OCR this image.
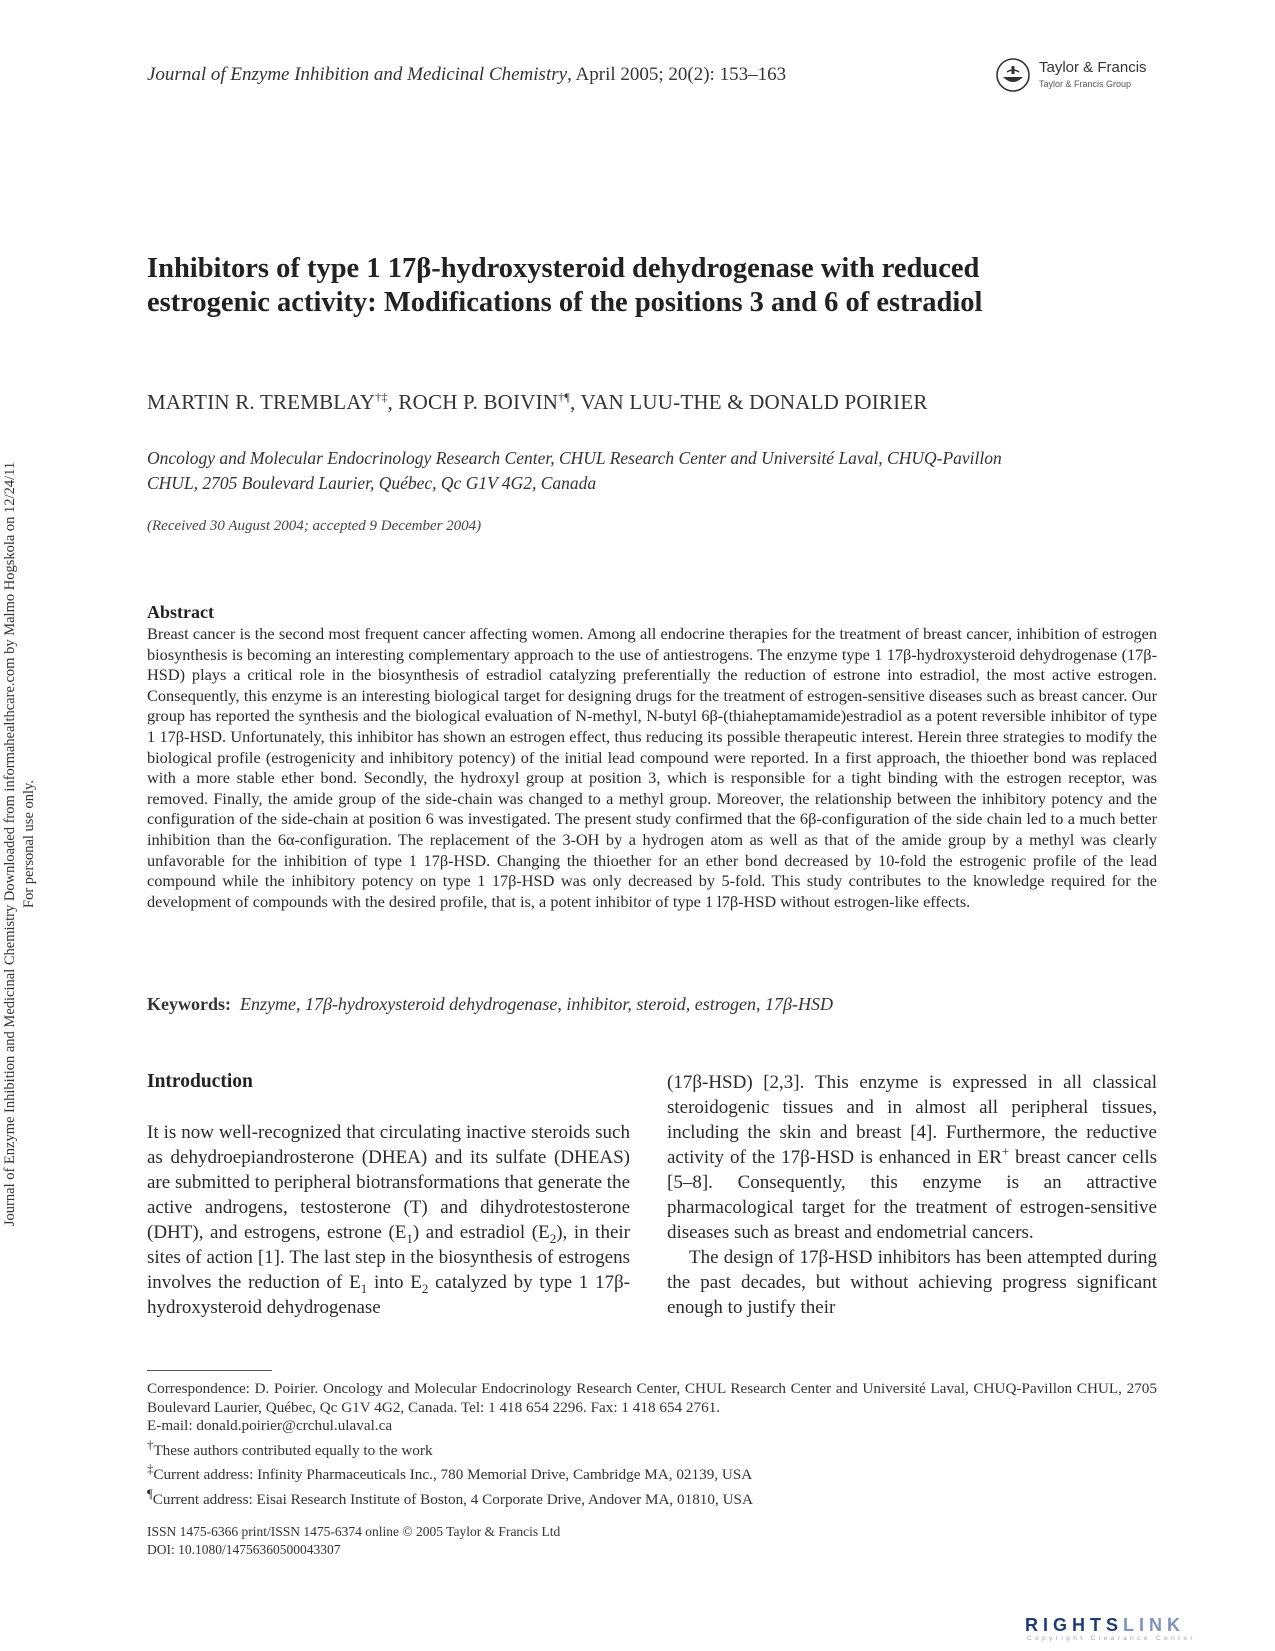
Journal of Enzyme Inhibition and Medicinal Chemistry, April 2005; 20(2): 153–163	Taylor & Francis
Taylor & Francis Group
Journal of Enzyme Inhibition and Medicinal Chemistry Downloaded from informahealthcare.com by Malmo Hogskola on 12/24/11 For personal use only.
Inhibitors of type 1 17β-hydroxysteroid dehydrogenase with reduced
estrogenic activity: Modifications of the positions 3 and 6 of estradiol
MARTIN R. TREMBLAY†‡, ROCH P. BOIVIN†¶, VAN LUU-THE & DONALD POIRIER
Oncology and Molecular Endocrinology Research Center, CHUL Research Center and Université Laval, CHUQ-Pavillon
CHUL, 2705 Boulevard Laurier, Québec, Qc G1V 4G2, Canada
(Received 30 August 2004; accepted 9 December 2004)
Abstract
Breast cancer is the second most frequent cancer affecting women. Among all endocrine therapies for the treatment of breast cancer, inhibition of estrogen biosynthesis is becoming an interesting complementary approach to the use of antiestrogens. The enzyme type 1 17β-hydroxysteroid dehydrogenase (17β-HSD) plays a critical role in the biosynthesis of estradiol catalyzing preferentially the reduction of estrone into estradiol, the most active estrogen. Consequently, this enzyme is an interesting biological target for designing drugs for the treatment of estrogen-sensitive diseases such as breast cancer. Our group has reported the synthesis and the biological evaluation of N-methyl, N-butyl 6β-(thiaheptamamide)estradiol as a potent reversible inhibitor of type 1 17β-HSD. Unfortunately, this inhibitor has shown an estrogen effect, thus reducing its possible therapeutic interest. Herein three strategies to modify the biological profile (estrogenicity and inhibitory potency) of the initial lead compound were reported. In a first approach, the thioether bond was replaced with a more stable ether bond. Secondly, the hydroxyl group at position 3, which is responsible for a tight binding with the estrogen receptor, was removed. Finally, the amide group of the side-chain was changed to a methyl group. Moreover, the relationship between the inhibitory potency and the configuration of the side-chain at position 6 was investigated. The present study confirmed that the 6β-configuration of the side chain led to a much better inhibition than the 6α-configuration. The replacement of the 3-OH by a hydrogen atom as well as that of the amide group by a methyl was clearly unfavorable for the inhibition of type 1 17β-HSD. Changing the thioether for an ether bond decreased by 10-fold the estrogenic profile of the lead compound while the inhibitory potency on type 1 17β-HSD was only decreased by 5-fold. This study contributes to the knowledge required for the development of compounds with the desired profile, that is, a potent inhibitor of type 1 l7β-HSD without estrogen-like effects.
Keywords: Enzyme, 17β-hydroxysteroid dehydrogenase, inhibitor, steroid, estrogen, 17β-HSD
Introduction

It is now well-recognized that circulating inactive steroids such as dehydroepiandrosterone (DHEA) and its sulfate (DHEAS) are submitted to peripheral biotransformations that generate the active androgens, testosterone (T) and dihydrotestosterone (DHT), and estrogens, estrone $(E_1)$ and estradiol $(E_2)$, in their sites of action [1]. The last step in the biosynthesis of estrogens involves the reduction of $E_1$ into $E_2$ catalyzed by type 1 17β-hydroxysteroid dehydrogenase

(17β-HSD) [2,3]. This enzyme is expressed in all classical steroidogenic tissues and in almost all peripheral tissues, including the skin and breast [4]. Furthermore, the reductive activity of the 17β-HSD is enhanced in ER+ breast cancer cells [5–8]. Consequently, this enzyme is an attractive pharmacological target for the treatment of estrogen-sensitive diseases such as breast and endometrial cancers.

The design of 17β-HSD inhibitors has been attempted during the past decades, but without achieving progress significant enough to justify their

Correspondence: D. Poirier. Oncology and Molecular Endocrinology Research Center, CHUL Research Center and Université Laval, CHUQ-Pavillon CHUL, 2705 Boulevard Laurier, Québec, Qc G1V 4G2, Canada. Tel: 1 418 654 2296. Fax: 1 418 654 2761.
E-mail: donald.poirier@crchul.ulaval.ca
†These authors contributed equally to the work
‡Current address: Infinity Pharmaceuticals Inc., 780 Memorial Drive, Cambridge MA, 02139, USA
¶Current address: Eisai Research Institute of Boston, 4 Corporate Drive, Andover MA, 01810, USA
ISSN 1475-6366 print/ISSN 1475-6374 online © 2005 Taylor & Francis Ltd
DOI: 10.1080/14756360500043307
RIGHTSLINK
Copyright Clearance Center
